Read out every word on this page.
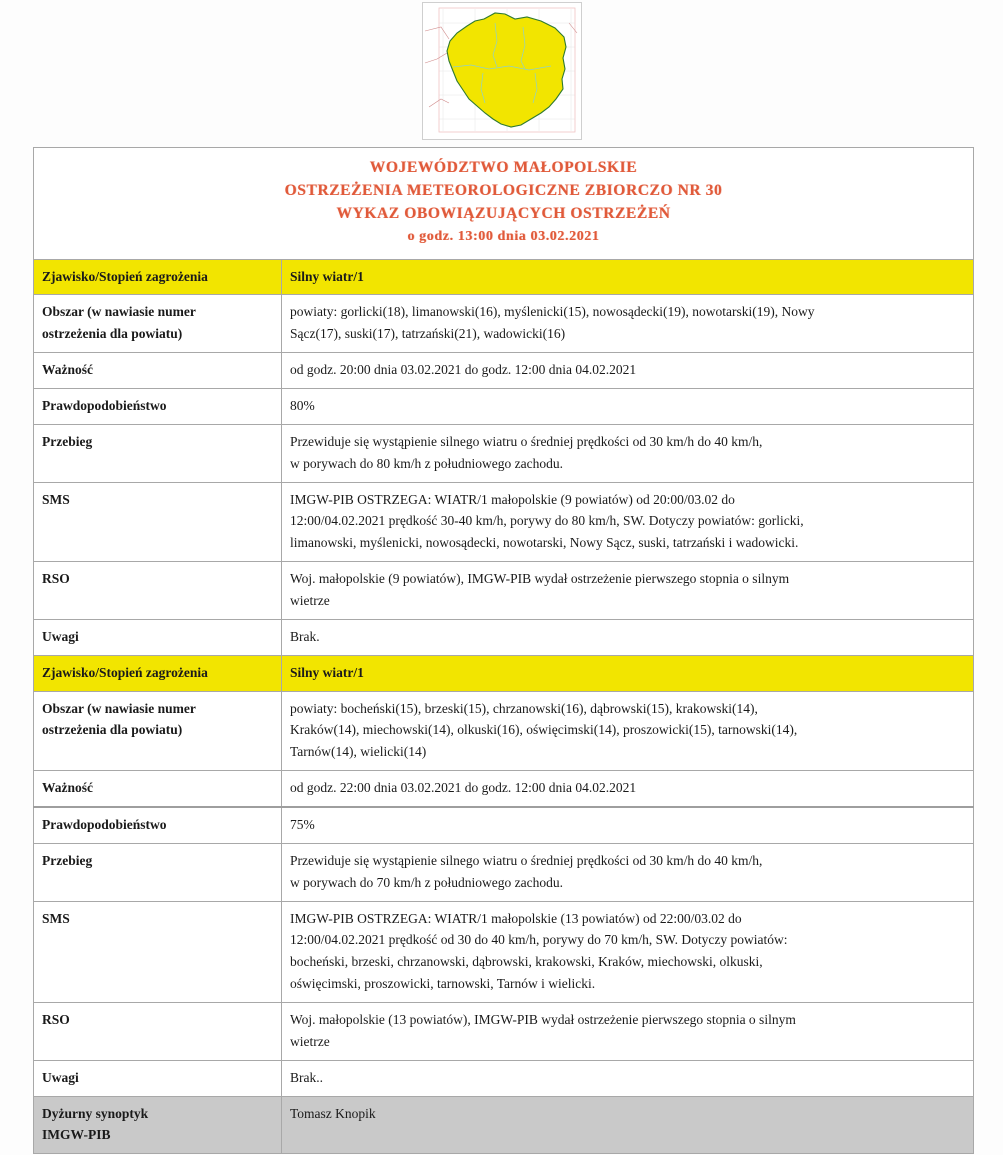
WOJEWÓDZTWO MAŁOPOLSKIE
OSTRZEŻENIA METEOROLOGICZNE ZBIORCZO NR 30
WYKAZ OBOWIĄZUJĄCYCH OSTRZEŻEŃ
o godz. 13:00 dnia 03.02.2021	

Zjawisko/Stopień zagrożenia	Silny wiatr/1

Obszar (w nawiasie numer
ostrzeżenia dla powiatu)	powiaty: gorlicki(18), limanowski(16), myślenicki(15), nowosądecki(19), nowotarski(19), Nowy
Sącz(17), suski(17), tatrzański(21), wadowicki(16)

Ważność	od godz. 20:00 dnia 03.02.2021 do godz. 12:00 dnia 04.02.2021
Prawdopodobieństwo	80%
Przebieg	Przewiduje się wystąpienie silnego wiatru o średniej prędkości od 30 km/h do 40 km/h,
w porywach do 80 km/h z południowego zachodu.

SMS	IMGW-PIB OSTRZEGA: WIATR/1 małopolskie (9 powiatów) od 20:00/03.02 do
12:00/04.02.2021 prędkość 30-40 km/h, porywy do 80 km/h, SW. Dotyczy powiatów: gorlicki,
limanowski, myślenicki, nowosądecki, nowotarski, Nowy Sącz, suski, tatrzański i wadowicki.

RSO	Woj. małopolskie (9 powiatów), IMGW-PIB wydał ostrzeżenie pierwszego stopnia o silnym
wietrze

Uwagi	Brak.
Zjawisko/Stopień zagrożenia	Silny wiatr/1

Obszar (w nawiasie numer
ostrzeżenia dla powiatu)	powiaty: bocheński(15), brzeski(15), chrzanowski(16), dąbrowski(15), krakowski(14),
Kraków(14), miechowski(14), olkuski(16), oświęcimski(14), proszowicki(15), tarnowski(14),
Tarnów(14), wielicki(14)

Ważność	od godz. 22:00 dnia 03.02.2021 do godz. 12:00 dnia 04.02.2021
Prawdopodobieństwo	75%
Przebieg	Przewiduje się wystąpienie silnego wiatru o średniej prędkości od 30 km/h do 40 km/h,
w porywach do 70 km/h z południowego zachodu.

SMS	IMGW-PIB OSTRZEGA: WIATR/1 małopolskie (13 powiatów) od 22:00/03.02 do
12:00/04.02.2021 prędkość od 30 do 40 km/h, porywy do 70 km/h, SW. Dotyczy powiatów:
bocheński, brzeski, chrzanowski, dąbrowski, krakowski, Kraków, miechowski, olkuski,
oświęcimski, proszowicki, tarnowski, Tarnów i wielicki.

RSO	Woj. małopolskie (13 powiatów), IMGW-PIB wydał ostrzeżenie pierwszego stopnia o silnym
wietrze

Uwagi	Brak..

Dyżurny synoptyk
IMGW-PIB	Tomasz Knopik
